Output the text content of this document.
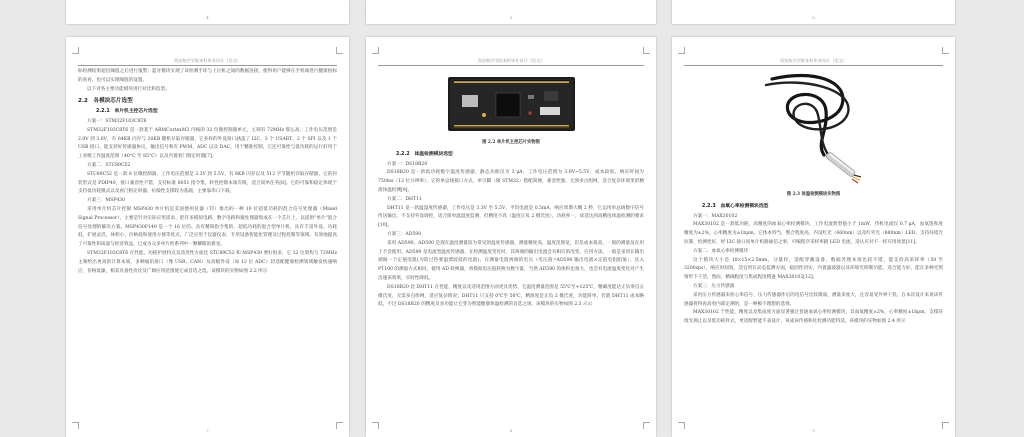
4	5	6
西安航空学院本科毕业设计（论文）

标检测结果超出阈值之后进行报警；蓝牙模块实现了该检测手环与上位机之间的数据连接，使得用户能够在手机端进行健康指标的查看，也可以实现阈值的设置。

以下对各主要功能模块进行对比和选型。

2.2　各模块芯片选型
2.2.1　单片机主控芯片选型

方案一：STM32F103C8T6

STM32F103C8T6 是一款基于 ARMCortexM3 内核的 32 位微控制器单元，主频有 72MHz 那么高，工作电压范围是 2.0V 到 3.6V，有 64KB 闪存与 20KB 随机存取存储器，它多样的外设接口涵盖了 I2C、3 个 USART、2 个 SPI 以及 1 个 USB 接口，能支持好传感器协议，输出信号和有 PWM、ADC 以及 DAC，用于精准控制，它还可靠性与低功耗的运行好用于工业级工作温度范围（40°C 至 85°C）以及内置看门狗定时器[7]。

方案二：STC89C52

STC89C52 是一款 8 位微控制器，工作电压范围是 3.3V 到 5.5V，有 8KB 闪存以及 512 字节随机存取存储器，它的封装形式是 PDIP40，接口兼容性不错，支持标准 8051 指令集，转性控制本领有限，适合简单任务[8]。它的可靠和稳定体现于支持低功耗模式以及看门狗定时器，抗噪性支撑较为基础，主要靠串口下载。

方案三：MSP430

采用单片机芯片控制 MSP430 单片机是美国德州仪器（TI）推出的一种 16 位超低功耗的混合信号处理器（Mixed Signal Processor），主要是针对实际应用需求，把许多模拟电路、数字电路和微处理器集成在一个芯片上，以提供"单片"混合信号处理的解决方案。MSP430F149 是一个 16 位的、具有精简指令集的、超低功耗的混合型单片机，具有丰富外设、功耗低、扩展灵活、体积小、价格低和使用方便等优点，广泛应用于仪器仪表、专用设备智能化管理及过程控制等领域。有效地提高了可靠性和质量与经济效益，已成为众多单片机系列中一颗耀眼的新星。

STM32F103C8T6 在性能、功耗护展特点及适用性方面比 STC89C52 和 MSP430 要好很多，它 32 位架构与 72MHz 主频给出更高的计算本领，多种通讯接口（像 USB、CAN）及高级外设（如 12 位 ADC）切适配健康检测领域触发快速响应，价格低廉，相其具备性价比及广阔应用范围使它成首选之选，该模块的实物如图 2.2 所示

7
西安航空学院本科毕业设计（论文）
图 2.2 单片机主控芯片实物图
2.2.2　体温检测模块选型

方案一：DS18B20

DS18B20 是一款低功耗数字温度传感器，静态功耗仅为 3 μA，工作电压范围为 3.0V~5.5V，成本较低，响应时间为 750ms（12 位分辨率），它的单总线接口方式，单引脚（微 STM32）搭配简便，兼容性强，无须多点组网，适合复杂环境里的精准体温检测[9]。

方案二：DHT11

DHT11 是一款温湿度传感器，工作电压是 3.3V 至 5.5V，平均电流是 0.5mA，响应周期大概 2 秒，它运用单总线数字信号传送输出，不支持外设调控，适合简单温湿度监测，但精度不高（温度正负 2 摄氏度），功耗率一，故适达到高精度体温检测的要求[10]。

方案三：AD590

采用 AD590，AD590 是现在温度测量较为常见的温度传感器，测量精度高，温度范围宽，但是成本很高，一般的测量仪在用上不会使用。AD590 是电流型温度传感器，在检测温度变化时，其两端的输出电流会有相应的改变，应用方法，一般是采用在输出端做一个定值电阻(为防过热要温漂较低的电阻)，在测量电阻两端的电压（电压值=AD590 输出电流×定值电阻阻值），送入 PT100 的测量方式相同，使用 AD 转换器，将模拟电压值转换为数字量，当然 AD590 的体积也很大，也会有电流温度变化对产生出速误效果，实时性降低。

DS18B20 比 DHT11 在性能，精度以及适用范围方面更具优势，它温度测量范围是 55℃至+125℃，精确度能达正负零点五摄氏度，无需多点组网，适应复杂情况；DHT11 只支持 0℃至 50℃，精准度是正负 2 摄氏度，功能简单，若就 DHT11 成本略低，不过 DS18B20 的精度及多功能让它变为智能健康体温检测的首选之项，该模块的实物如图 2.3 示示

8
西安航空学院本科毕业设计（论文）
图 2.3 体温检测模块实物图
2.2.3　血氧心率检测模块选型

方案一：MAX30102

MAX30102 是一款低功耗、高精度的血氧心率检测模块，工作电流典型值小于 1mW，待机电流仅 0.7 μA，血氧饱和度精度为±2%，心率精度为±1bpm，它体本特当，整合程度高，内设红光（660nm）以及红外光（880nm）LED，支持环境光抗制，检测性好，经 I2C 接口同单片机路通信之事，可编程序采样率跟 LED 电流，适认应对不一样应用场景[11]。

方案二：血氧心率检测模块

这个模块大小是 18×15×2.5mm，分量轻，适配穿戴设备，数据处理本领比较不错，能支持高采样率（50 至 3200sps），响应时间短，适宜用在动态监测方面，稳固性切实，内置滤波器以及环境光抑制功能，适合能力好，能在多种光照情形下干活，然而，精确程度与集成程度稍逊 MAX30102[12]。

方案三：压力传感器

采用压力传感器来检心率信号，压力传感器作后的电信号比较微弱，测量来度大，且容易受外界干扰，在本次设计来说该传感器将得再高更内部定测的，是一种极不理想的选择。

MAX30102 于性能，精度以及集成度方面显著强过普通血氧心率检测模块，其血氧精度±2%，心率精度±1bpm，支撑环境光抑止以及低功耗样式，更适配智能手表设计，该成该传感和化检测功能特适，该模块的实物如图 2.4 所示

9
